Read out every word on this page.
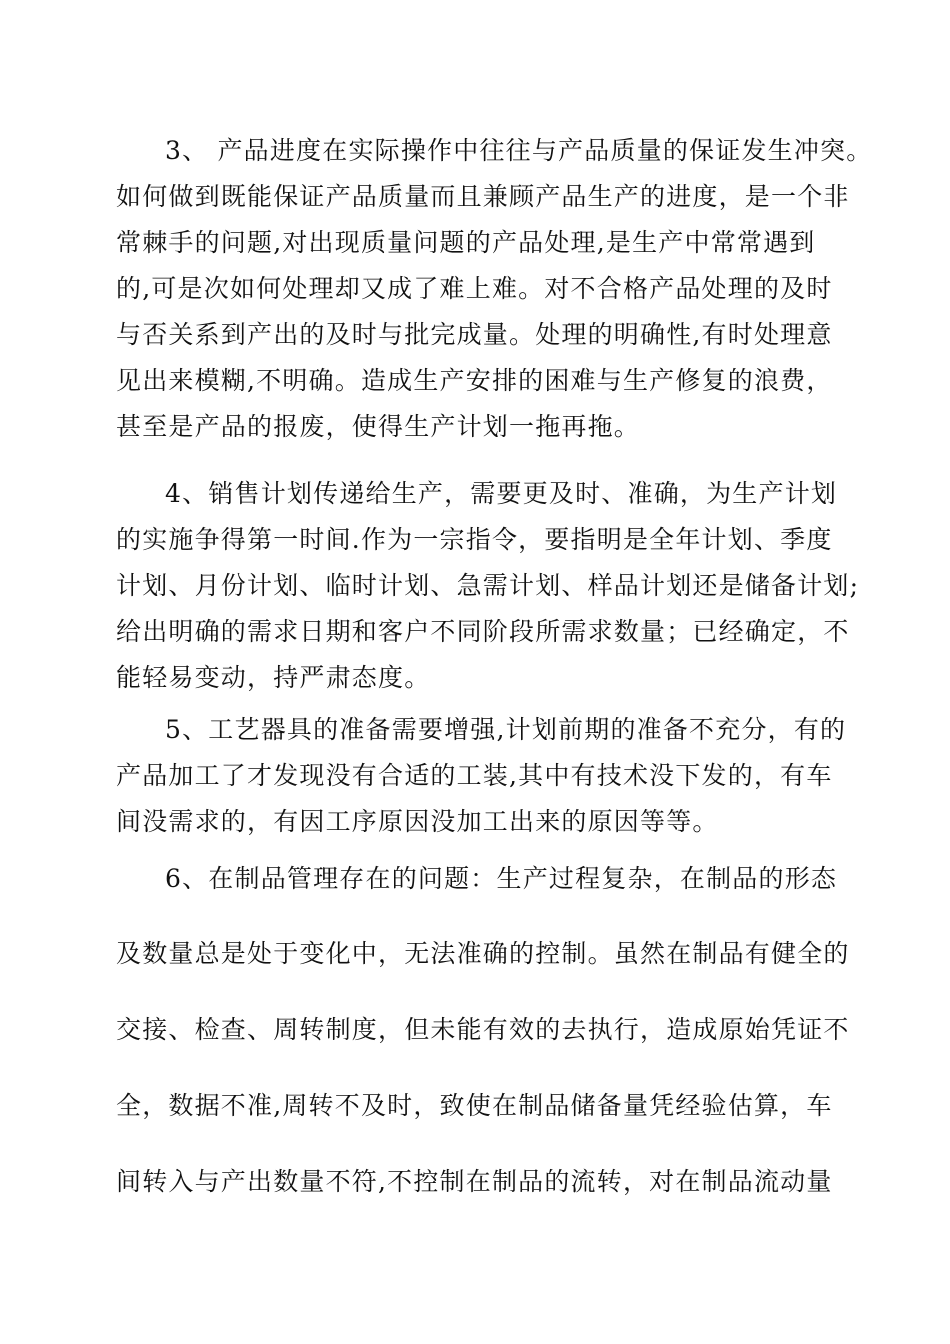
3、 产品进度在实际操作中往往与产品质量的保证发生冲突。
如何做到既能保证产品质量而且兼顾产品生产的进度，是一个非
常棘手的问题,对出现质量问题的产品处理,是生产中常常遇到
的,可是次如何处理却又成了难上难。对不合格产品处理的及时
与否关系到产出的及时与批完成量。处理的明确性,有时处理意
见出来模糊,不明确。造成生产安排的困难与生产修复的浪费，
甚至是产品的报废，使得生产计划一拖再拖。
4、销售计划传递给生产，需要更及时、准确，为生产计划
的实施争得第一时间.作为一宗指令，要指明是全年计划、季度
计划、月份计划、临时计划、急需计划、样品计划还是储备计划;
给出明确的需求日期和客户不同阶段所需求数量；已经确定，不
能轻易变动，持严肃态度。
5、工艺器具的准备需要增强,计划前期的准备不充分，有的
产品加工了才发现没有合适的工装,其中有技术没下发的，有车
间没需求的，有因工序原因没加工出来的原因等等。
6、在制品管理存在的问题：生产过程复杂，在制品的形态
及数量总是处于变化中，无法准确的控制。虽然在制品有健全的
交接、检查、周转制度，但未能有效的去执行，造成原始凭证不
全，数据不准,周转不及时，致使在制品储备量凭经验估算，车
间转入与产出数量不符,不控制在制品的流转，对在制品流动量
